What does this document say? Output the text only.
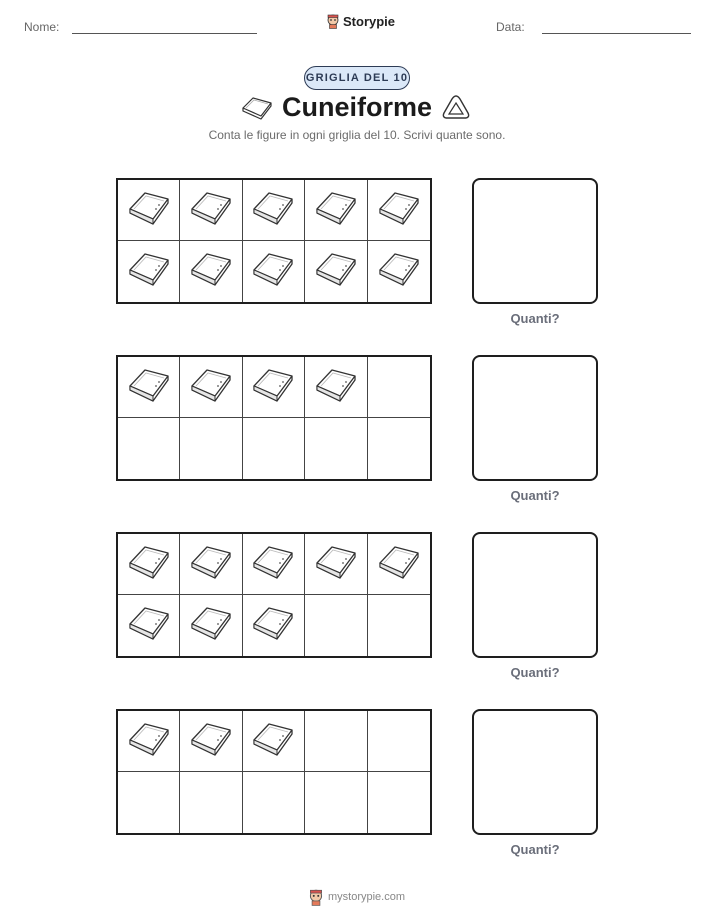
Nome:	Storypie	Data:
GRIGLIA DEL 10
Cuneiforme
Conta le figure in ogni griglia del 10. Scrivi quante sono.
Quanti?
Quanti?
Quanti?
Quanti?
mystorypie.com
